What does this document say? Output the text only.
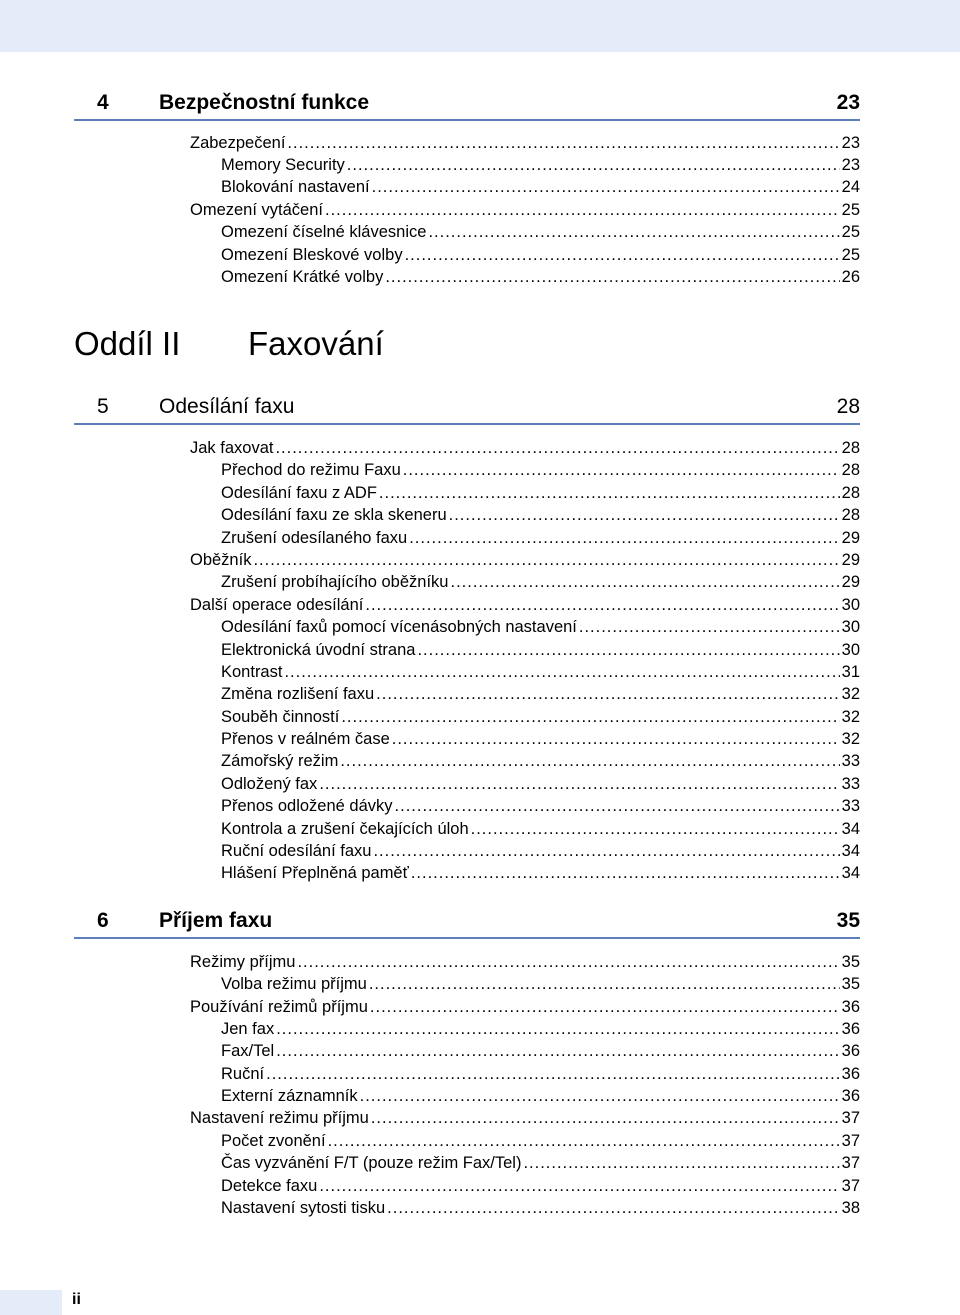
4 Bezpečnostní funkce	23
Zabezpečení .....	23
Memory Security .....	23
Blokování nastavení .....	24
Omezení vytáčení .....	25
Omezení číselné klávesnice .....	25
Omezení Bleskové volby .....	25
Omezení Krátké volby .....	26
Oddíl II Faxování
5 Odesílání faxu	28
Jak faxovat .....	28
Přechod do režimu Faxu .....	28
Odesílání faxu z ADF .....	28
Odesílání faxu ze skla skeneru .....	28
Zrušení odesílaného faxu .....	29
Oběžník .....	29
Zrušení probíhajícího oběžníku .....	29
Další operace odesílání .....	30
Odesílání faxů pomocí vícenásobných nastavení .....	30
Elektronická úvodní strana .....	30
Kontrast .....	31
Změna rozlišení faxu .....	32
Souběh činností .....	32
Přenos v reálném čase .....	32
Zámořský režim .....	33
Odložený fax .....	33
Přenos odložené dávky .....	33
Kontrola a zrušení čekajících úloh .....	34
Ruční odesílání faxu .....	34
Hlášení Přeplněná paměť .....	34
6 Příjem faxu	35
Režimy příjmu .....	35
Volba režimu příjmu .....	35
Používání režimů příjmu .....	36
Jen fax .....	36
Fax/Tel .....	36
Ruční .....	36
Externí záznamník .....	36
Nastavení režimu příjmu .....	37
Počet zvonění .....	37
Čas vyzvánění F/T (pouze režim Fax/Tel) .....	37
Detekce faxu .....	37
Nastavení sytosti tisku .....	38
ii
